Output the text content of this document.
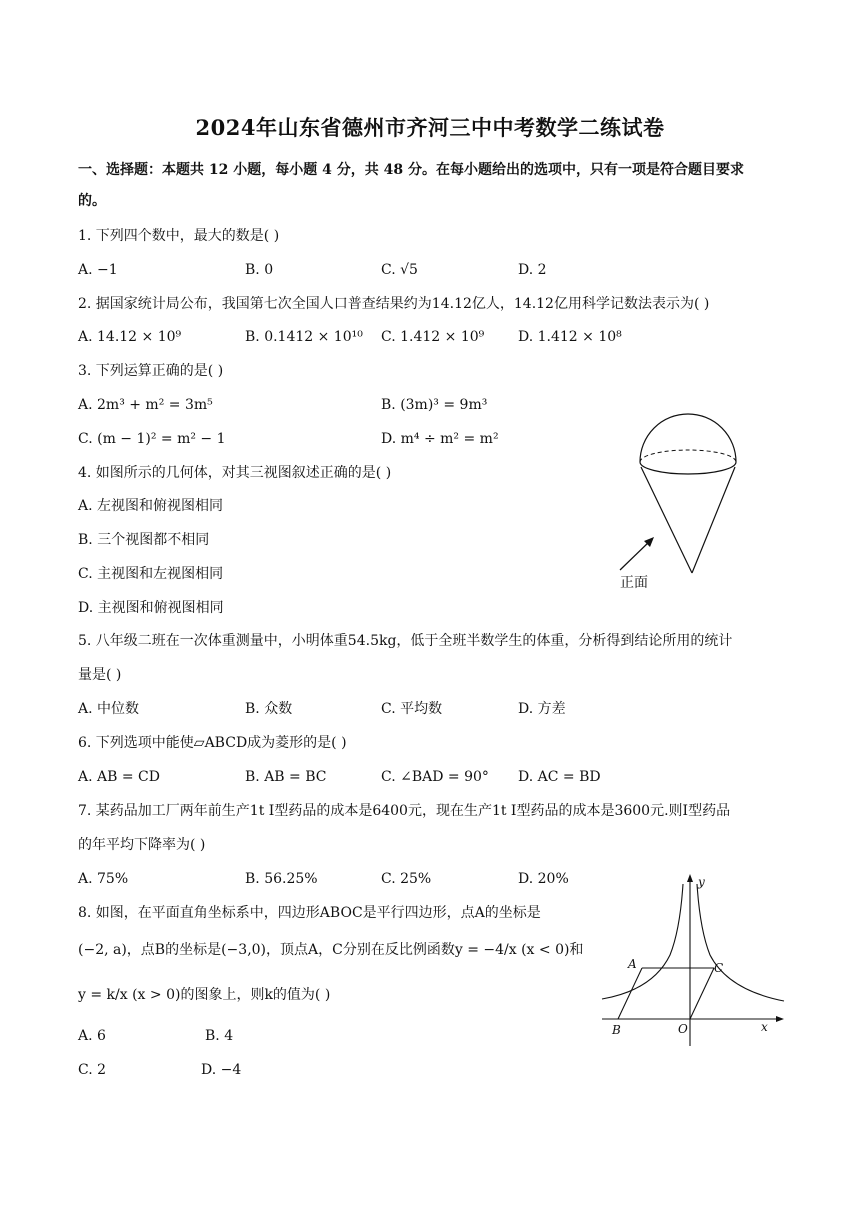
2024年山东省德州市齐河三中中考数学二练试卷
一、选择题：本题共 12 小题，每小题 4 分，共 48 分。在每小题给出的选项中，只有一项是符合题目要求
的。
1. 下列四个数中，最大的数是( )
A. −1	B. 0	C. √5	D. 2
2. 据国家统计局公布，我国第七次全国人口普查结果约为14.12亿人，14.12亿用科学记数法表示为( )
A. 14.12 × 10⁹	B. 0.1412 × 10¹⁰ C. 1.412 × 10⁹ D. 1.412 × 10⁸
3. 下列运算正确的是( )
A. 2m³ + m² = 3m⁵	B. (3m)³ = 9m³
C. (m − 1)² = m² − 1	D. m⁴ ÷ m² = m²
4. 如图所示的几何体，对其三视图叙述正确的是( )
A. 左视图和俯视图相同
B. 三个视图都不相同
C. 主视图和左视图相同
D. 主视图和俯视图相同
正面
5. 八年级二班在一次体重测量中，小明体重54.5kg，低于全班半数学生的体重，分析得到结论所用的统计
量是( )
A. 中位数	B. 众数	C. 平均数	D. 方差
6. 下列选项中能使▱ABCD成为菱形的是( )
A. AB = CD	B. AB = BC	C. ∠BAD = 90° D. AC = BD
7. 某药品加工厂两年前生产1t Ⅰ型药品的成本是6400元，现在生产1t Ⅰ型药品的成本是3600元.则Ⅰ型药品
的年平均下降率为( )
A. 75%	B. 56.25%	C. 25%	D. 20%
8. 如图，在平面直角坐标系中，四边形ABOC是平行四边形，点A的坐标是
(−2, a)，点B的坐标是(−3,0)，顶点A，C分别在反比例函数y = −4/x (x < 0)和
y = k/x (x > 0)的图象上，则k的值为( )
A. 6	B. 4
C. 2	D. −4
y
x
A	C
B	O
